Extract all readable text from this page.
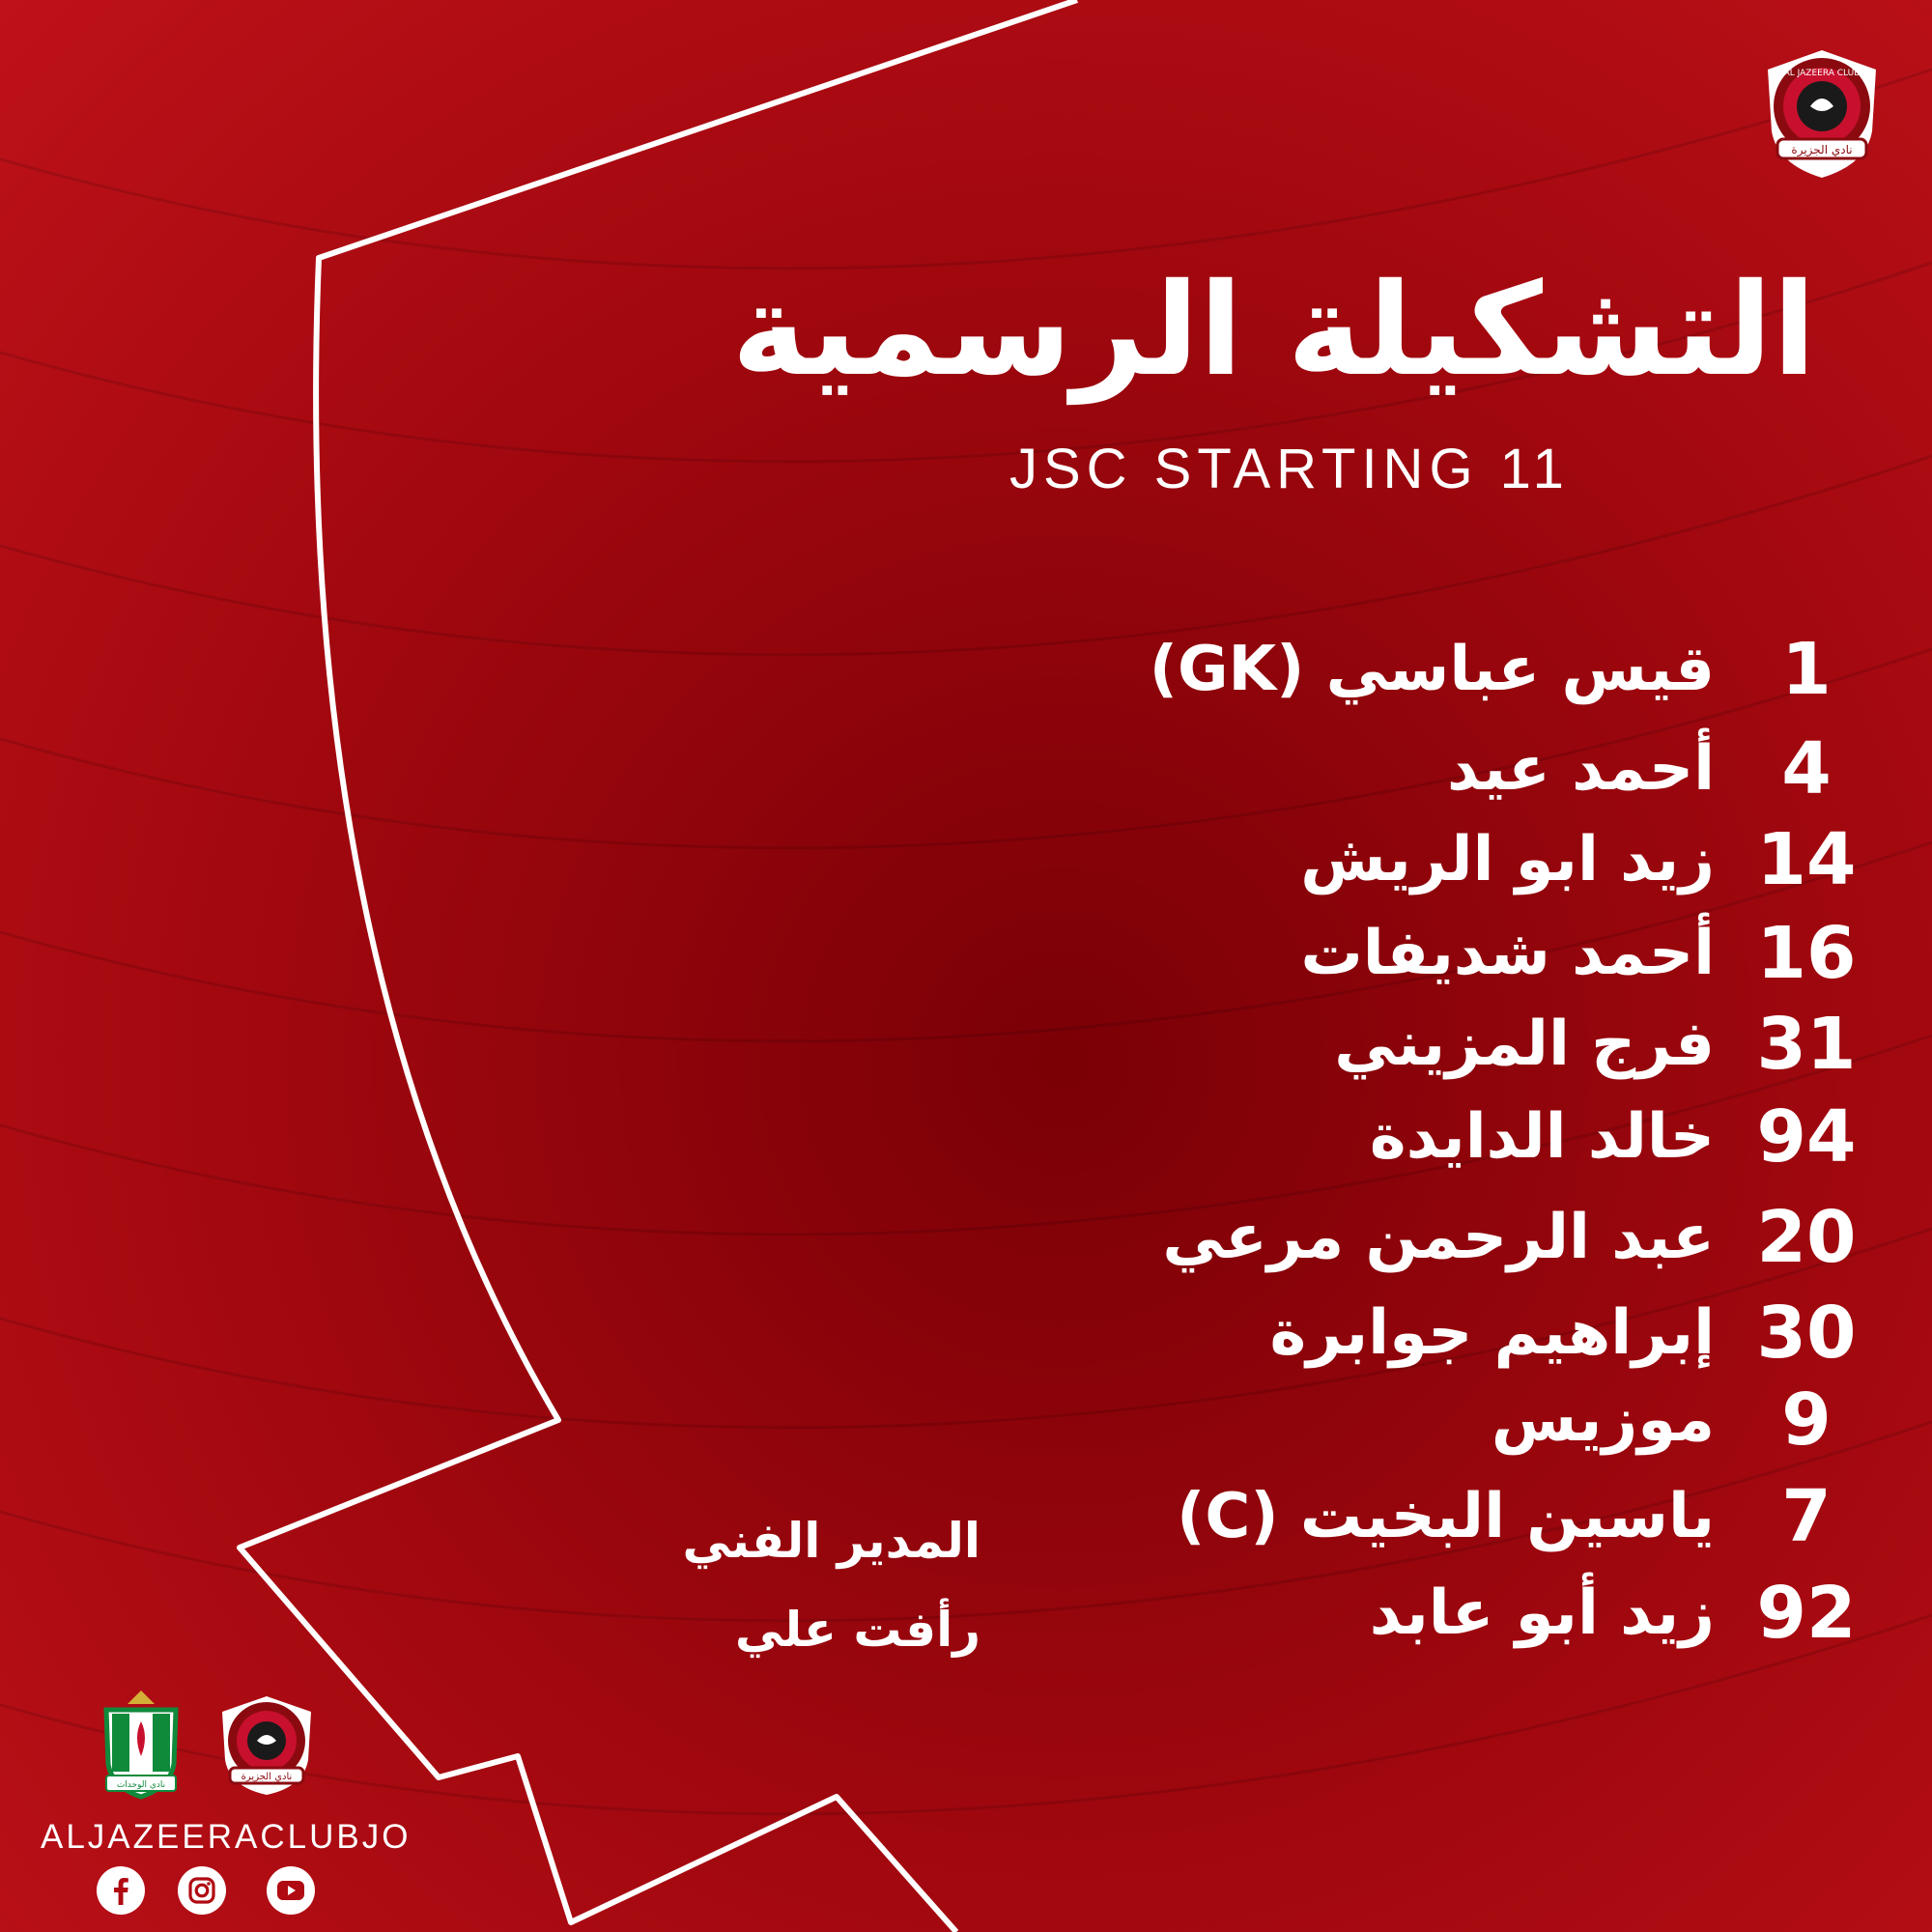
نادي الجزيرة
AL JAZEERA CLUB
التشكيلة الرسمية
JSC STARTING 11
1
قيس عباسي (GK)
4
أحمد عيد
14
زيد ابو الريش
16
أحمد شديفات
31
فرج المزيني
94
خالد الدايدة
20
عبد الرحمن مرعي
30
إبراهيم جوابرة
9
موزيس
7
ياسين البخيت (C)
92
زيد أبو عابد
المدير الفني
رأفت علي
نادي الوحدات
نادي الجزيرة
ALJAZEERACLUBJO
